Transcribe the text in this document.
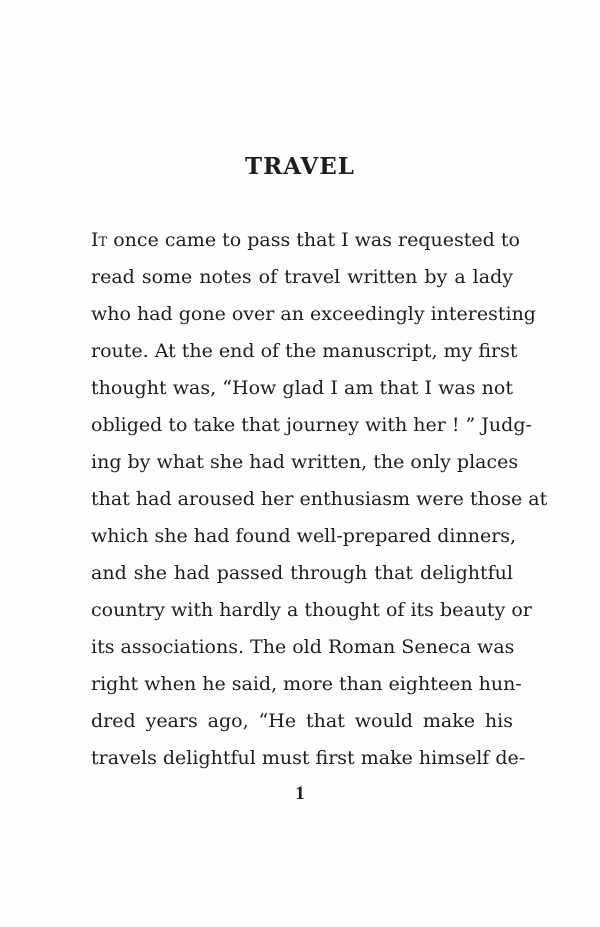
TRAVEL
It once came to pass that I was requested to
read some notes of travel written by a lady
who had gone over an exceedingly interesting
route. At the end of the manuscript, my first
thought was, “How glad I am that I was not
obliged to take that journey with her ! ” Judg-
ing by what she had written, the only places
that had aroused her enthusiasm were those at
which she had found well-prepared dinners,
and she had passed through that delightful
country with hardly a thought of its beauty or
its associations. The old Roman Seneca was
right when he said, more than eighteen hun-
dred years ago, “He that would make his
travels delightful must first make himself de-
1
